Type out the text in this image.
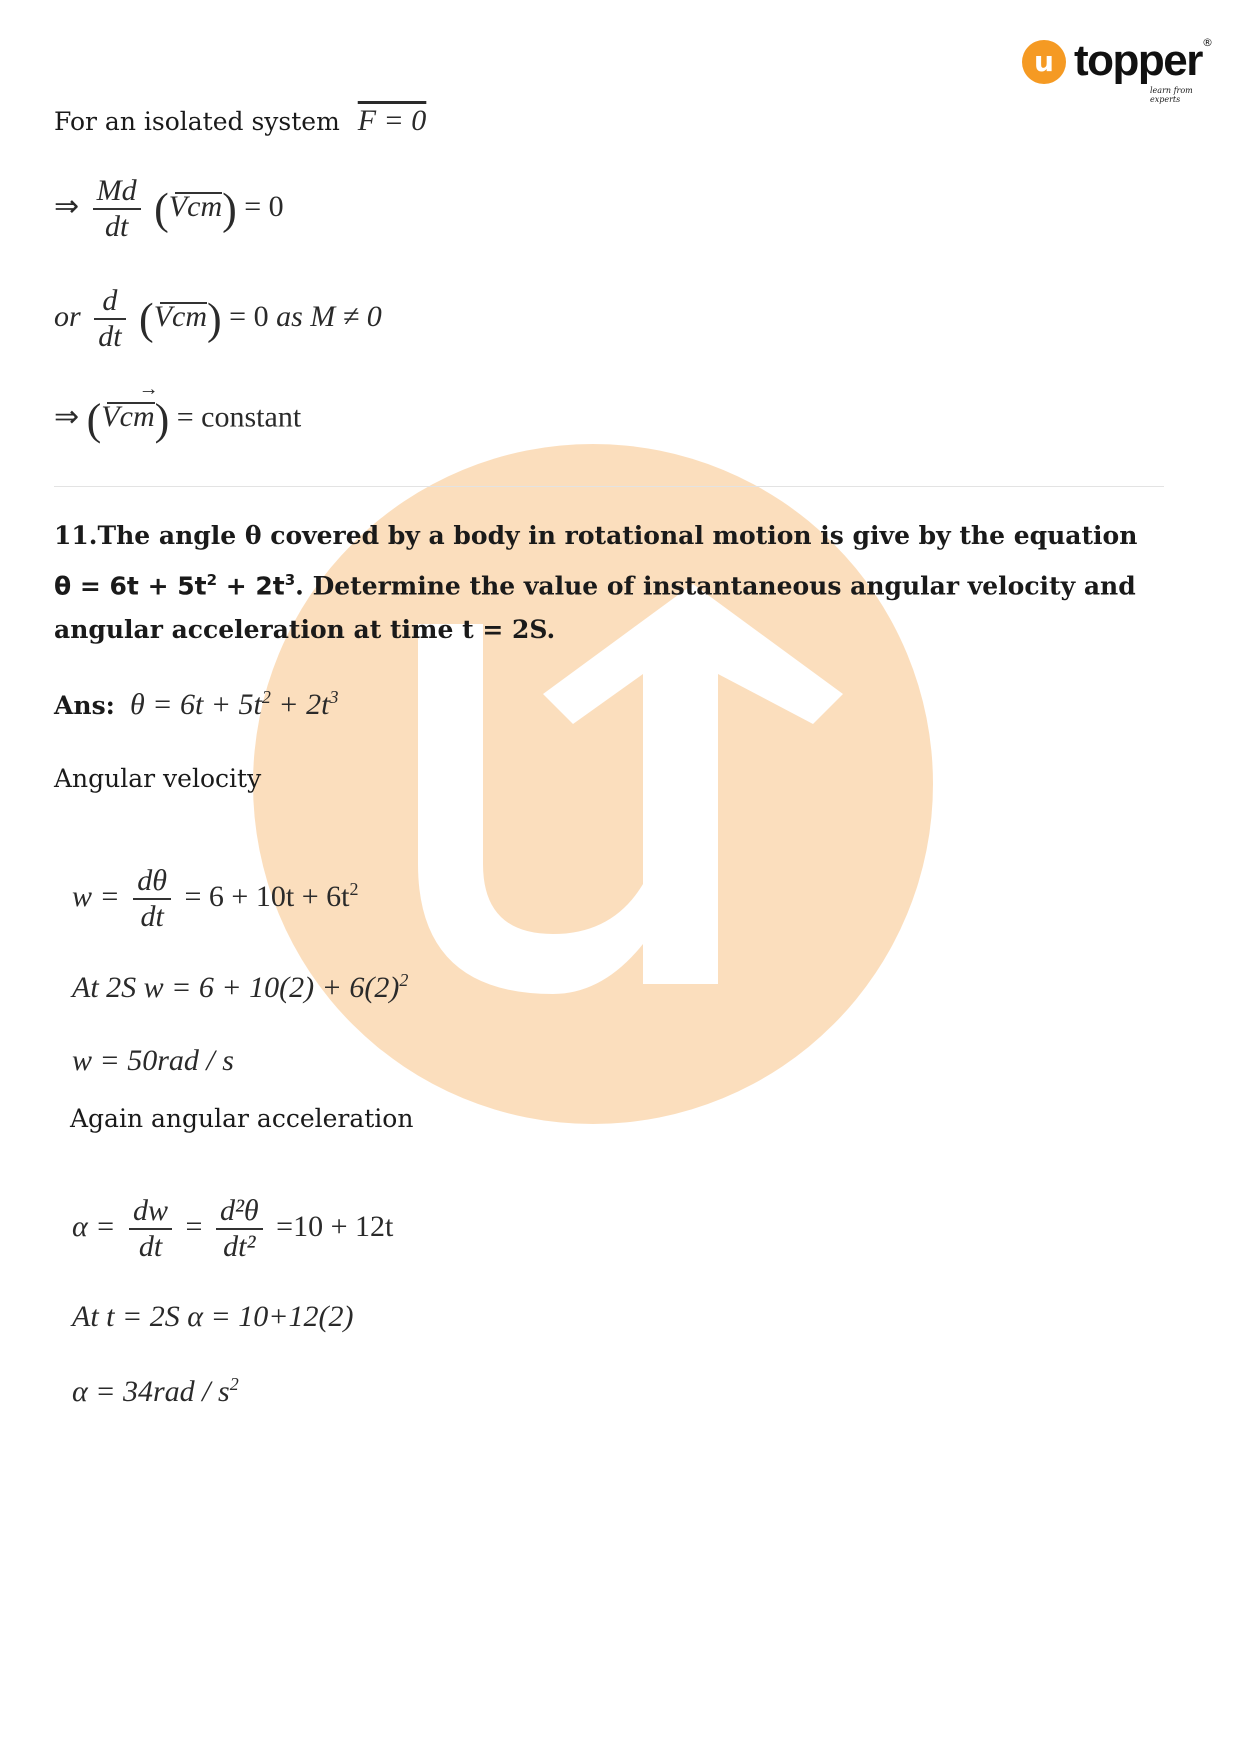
u topper ®
learn from experts

For an isolated system F = 0

⇒ $\frac{Md}{dt} (Vcm) = 0$
or $\frac{d}{dt} (Vcm) = 0$ as M ≠ 0
⇒ (Vcm →) = constant
11.The angle θ covered by a body in rotational motion is give by the equation $\theta = 6t + 5t^2 + 2t^3$. Determine the value of instantaneous angular velocity and angular acceleration at time t = 2S.
Ans: $\theta = 6t + 5t^2 + 2t^3$

Angular velocity

$w = \frac{d\theta}{dt} = 6 + 10t + 6t^2$
At 2S $w = 6 + 10(2) + 6(2)^2$
w = 50rad / s

Again angular acceleration

$\alpha = \frac{dw}{dt} = \frac{\text{d²θ}}{\text{dt²}} =10 + 12t$
At t = 2S α = 10+12(2)
$\alpha = 34rad / s^2$
